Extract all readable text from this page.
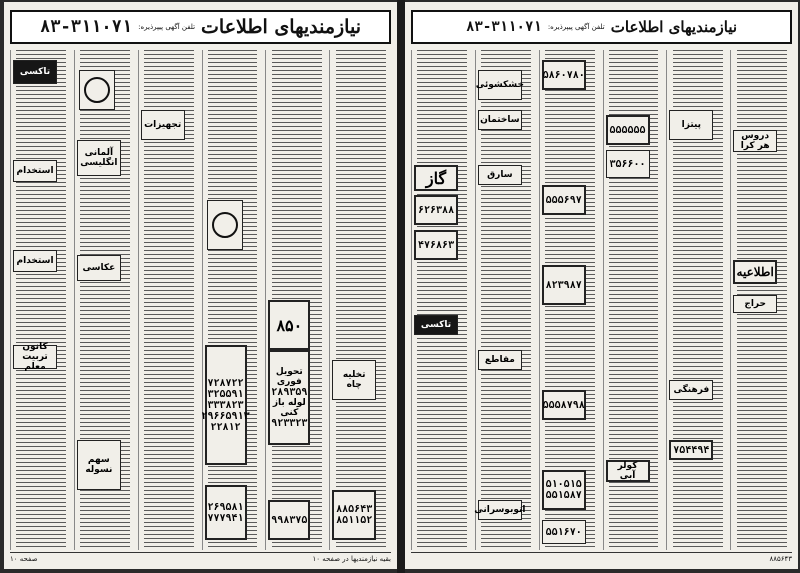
نیازمندیهای اطلاعات
تلفن آگهی پیپرذیره:
۸۳-۳۱۱۰۷۱
تخلیه چاه
۸۸۵۶۴۳
۸۵۱۱۵۲
۸۵۰
تحویل فوری
۲۸۹۳۵۹
لوله باز کنی
۹۲۳۳۲۳
۹۹۸۳۷۵
۷۲۸۷۲۲
۳۲۵۵۹۱
۳۳۳۸۲۳
۲۹۶۶۵۹۱۳
۲۲۸۱۲
۲۶۹۵۸۱
۷۷۷۹۴۱
تجهیزات
آلمانی انگلیسی
عکاسی
سهم نسوله
تاکسی
استخدام
استخدام
کانون تربیت معلم
بقیه نیازمندیها در صفحه ۱۰
صفحه ۱۰
نیازمندیهای اطلاعات
تلفن آگهی پیپرذیره:
۸۳-۳۱۱۰۷۱
دروس هر کرا
اطلاعیه
حراج
پیتزا
فرهنگی
۷۵۴۴۹۴
۵۵۵۵۵۵
۳۵۶۶۰۰
کولر آبی
۵۸۶۰۷۸۰
۵۵۵۶۹۷
۸۲۳۹۸۷
۵۵۵۸۷۹۸
۵۱۰۵۱۵
۵۵۱۵۸۷
۵۵۱۶۷۰
خشکشوئی
ساختمان
سارق
مقاطع
اتوبوسرانی
گاز
۶۲۶۳۸۸
۴۷۶۸۶۳
تاکسی
۸۸۵۶۴۳
